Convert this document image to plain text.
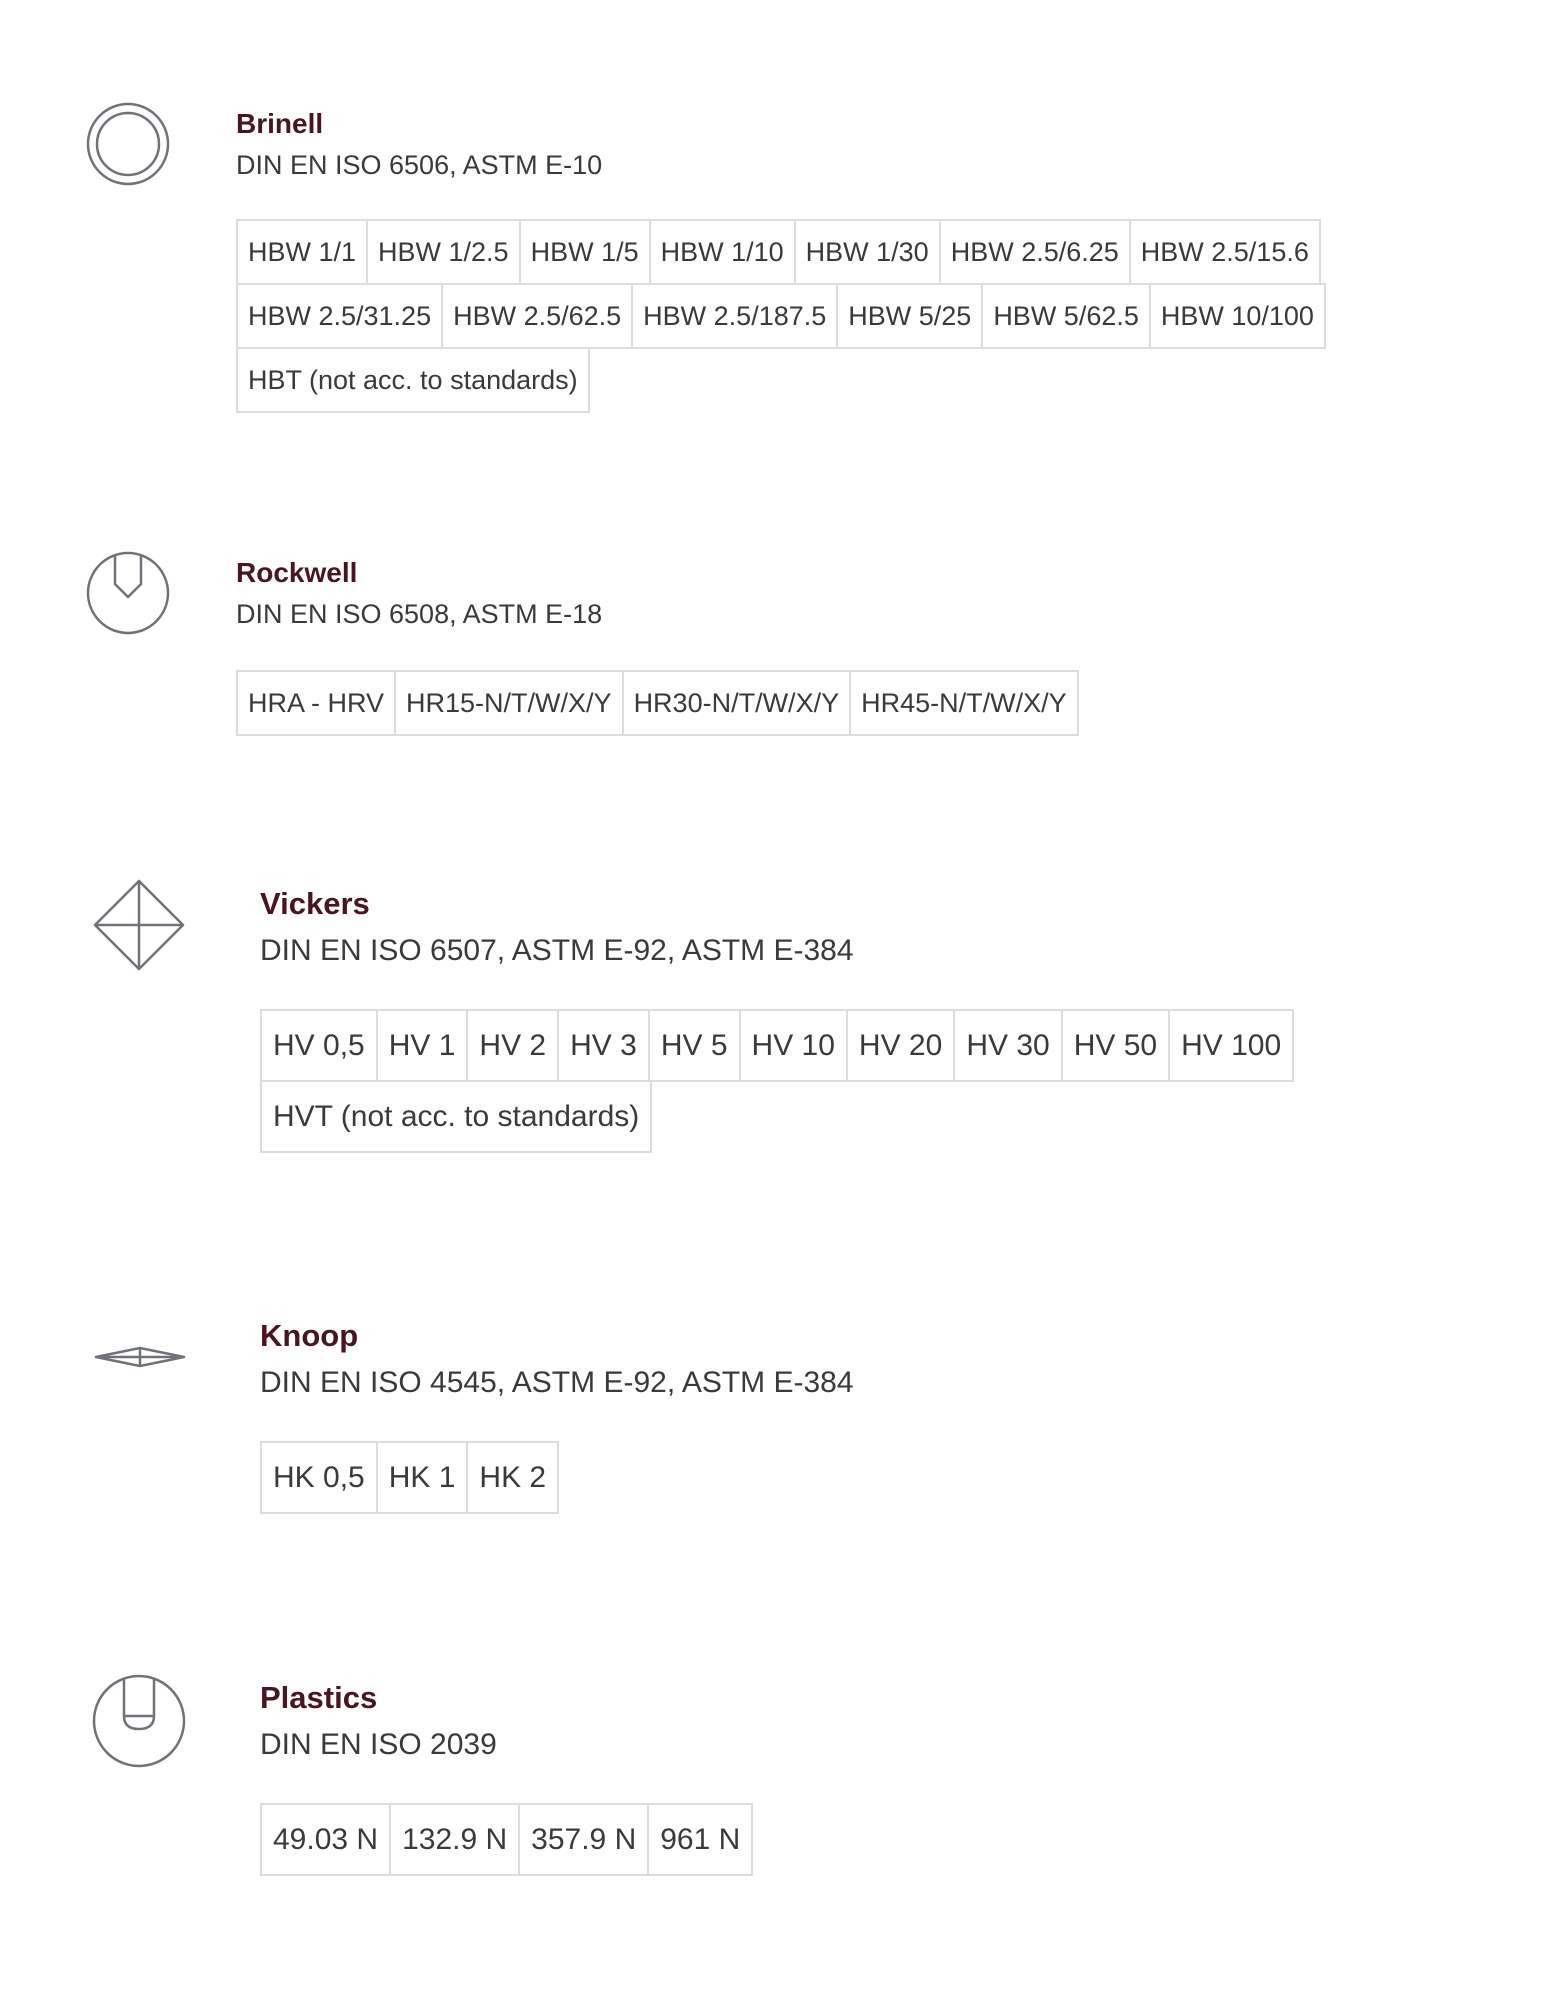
Brinell
DIN EN ISO 6506, ASTM E-10
HBW 1/1 HBW 1/2.5 HBW 1/5 HBW 1/10 HBW 1/30 HBW 2.5/6.25 HBW 2.5/15.6
HBW 2.5/31.25 HBW 2.5/62.5 HBW 2.5/187.5 HBW 5/25 HBW 5/62.5 HBW 10/100
HBT (not acc. to standards)
Rockwell
DIN EN ISO 6508, ASTM E-18
HRA - HRV HR15-N/T/W/X/Y HR30-N/T/W/X/Y HR45-N/T/W/X/Y
Vickers
DIN EN ISO 6507, ASTM E-92, ASTM E-384
HV 0,5 HV 1 HV 2 HV 3 HV 5 HV 10 HV 20 HV 30 HV 50 HV 100
HVT (not acc. to standards)
Knoop
DIN EN ISO 4545, ASTM E-92, ASTM E-384
HK 0,5 HK 1 HK 2
Plastics
DIN EN ISO 2039
49.03 N 132.9 N 357.9 N 961 N
